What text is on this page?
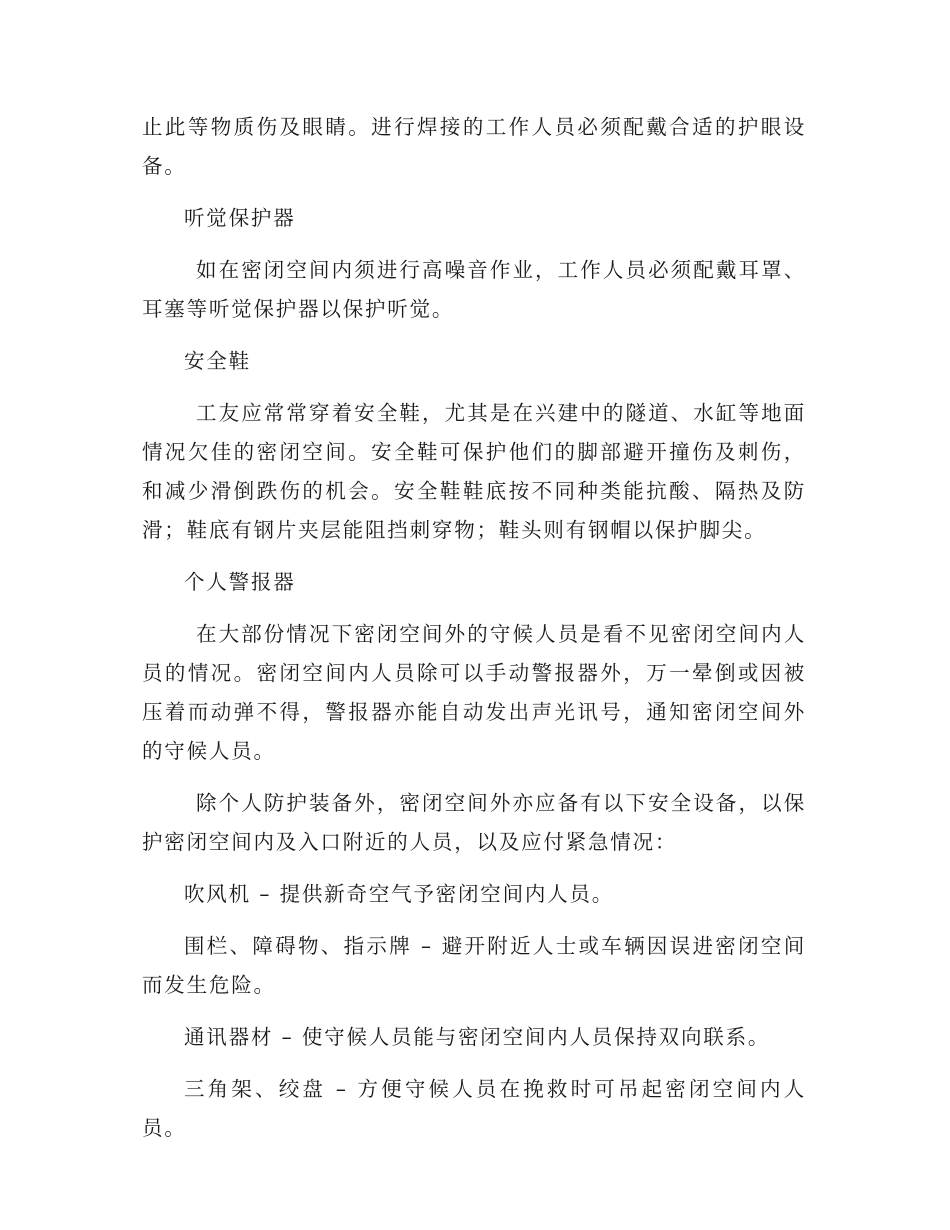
止此等物质伤及眼睛。进行焊接的工作人员必须配戴合适的护眼设备。

听觉保护器

如在密闭空间内须进行高噪音作业，工作人员必须配戴耳罩、耳塞等听觉保护器以保护听觉。

安全鞋

工友应常常穿着安全鞋，尤其是在兴建中的隧道、水缸等地面情况欠佳的密闭空间。安全鞋可保护他们的脚部避开撞伤及刺伤，和减少滑倒跌伤的机会。安全鞋鞋底按不同种类能抗酸、隔热及防滑；鞋底有钢片夹层能阻挡刺穿物；鞋头则有钢帽以保护脚尖。

个人警报器

在大部份情况下密闭空间外的守候人员是看不见密闭空间内人员的情况。密闭空间内人员除可以手动警报器外，万一晕倒或因被压着而动弹不得，警报器亦能自动发出声光讯号，通知密闭空间外的守候人员。

除个人防护装备外，密闭空间外亦应备有以下安全设备，以保护密闭空间内及入口附近的人员，以及应付紧急情况：

吹风机 – 提供新奇空气予密闭空间内人员。

围栏、障碍物、指示牌 – 避开附近人士或车辆因误进密闭空间而发生危险。

通讯器材 – 使守候人员能与密闭空间内人员保持双向联系。

三角架、绞盘 – 方便守候人员在挽救时可吊起密闭空间内人员。
